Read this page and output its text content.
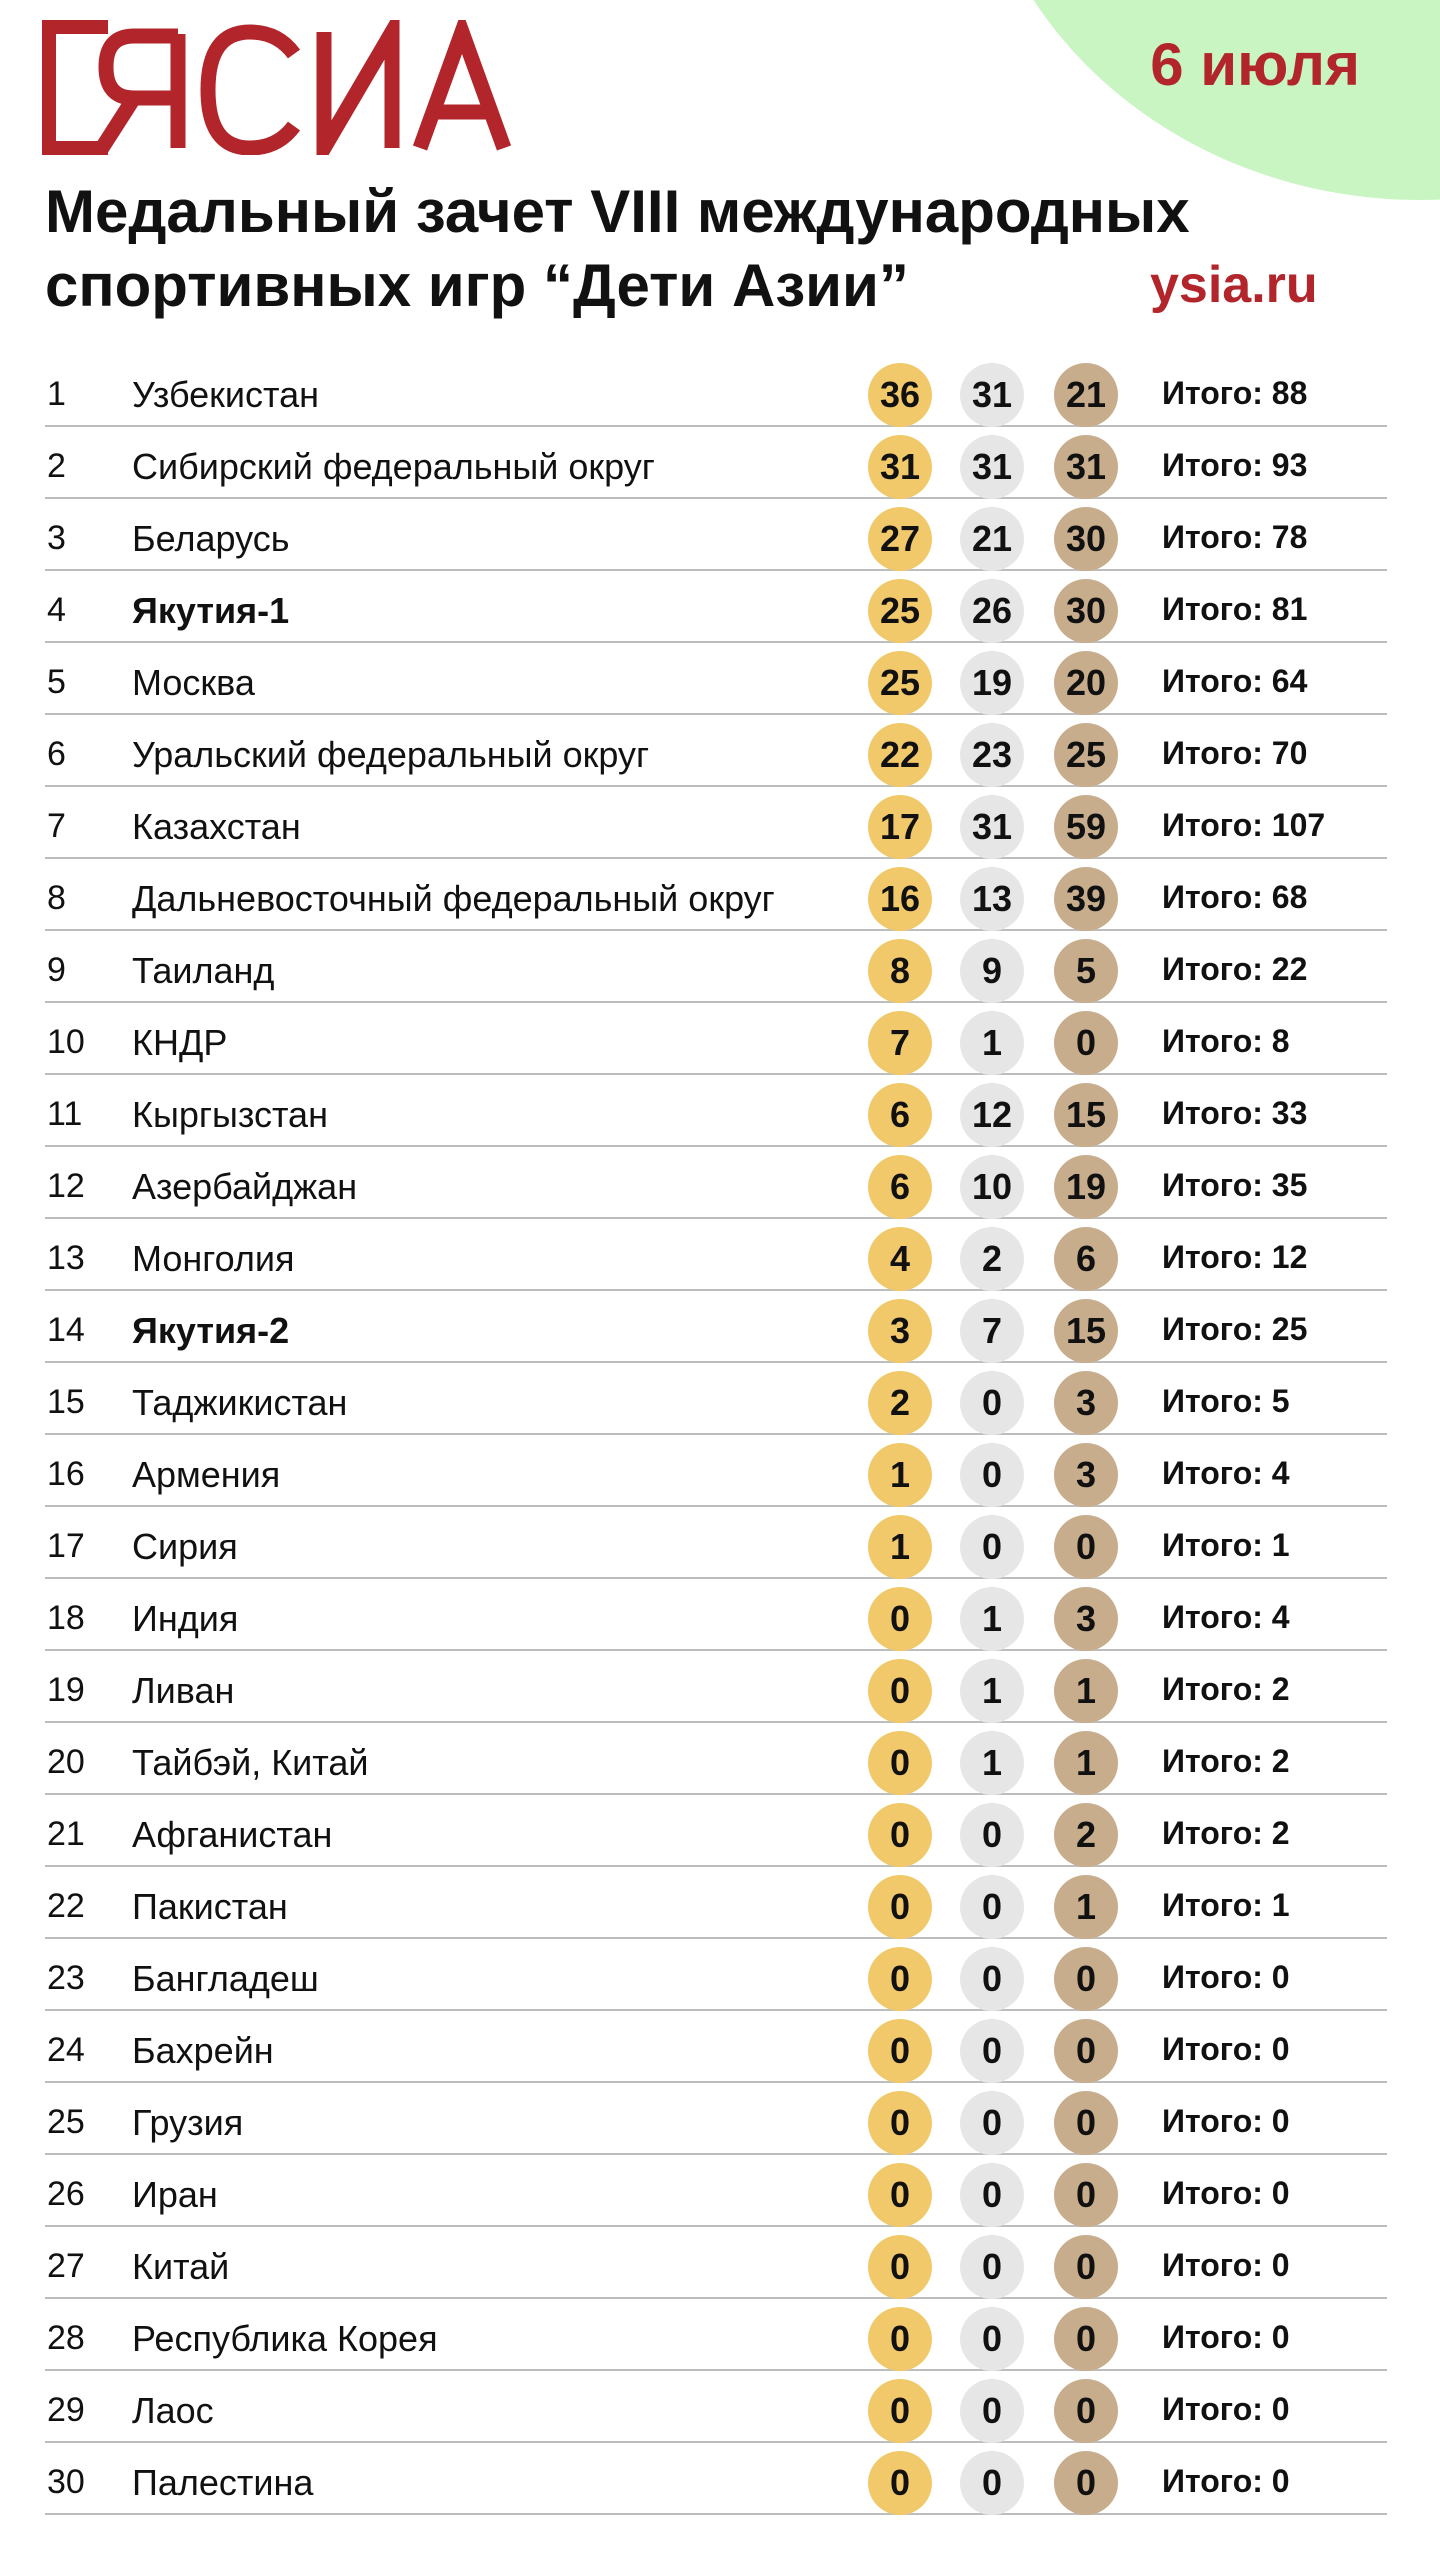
6 июля
Медальный зачет VIII международных
спортивных игр “Дети Азии”	ysia.ru
1 Узбекистан	36	31	21	Итого: 88
2 Сибирский федеральный округ	31	31	31	Итого: 93
3 Беларусь	27	21	30	Итого: 78
4 Якутия-1	25	26	30	Итого: 81
5 Москва	25	19	20	Итого: 64
6 Уральский федеральный округ	22	23	25	Итого: 70
7 Казахстан	17	31	59	Итого: 107
8 Дальневосточный федеральный округ	16	13	39	Итого: 68
9 Таиланд	8	9	5	Итого: 22
10 КНДР	7	1	0	Итого: 8
11 Кыргызстан	6	12	15	Итого: 33
12 Азербайджан	6	10	19	Итого: 35
13 Монголия	4	2	6	Итого: 12
14 Якутия-2	3	7	15	Итого: 25
15 Таджикистан	2	0	3	Итого: 5
16 Армения	1	0	3	Итого: 4
17 Сирия	1	0	0	Итого: 1
18 Индия	0	1	3	Итого: 4
19 Ливан	0	1	1	Итого: 2
20 Тайбэй, Китай	0	1	1	Итого: 2
21 Афганистан	0	0	2	Итого: 2
22 Пакистан	0	0	1	Итого: 1
23 Бангладеш	0	0	0	Итого: 0
24 Бахрейн	0	0	0	Итого: 0
25 Грузия	0	0	0	Итого: 0
26 Иран	0	0	0	Итого: 0
27 Китай	0	0	0	Итого: 0
28 Республика Корея	0	0	0	Итого: 0
29 Лаос	0	0	0	Итого: 0
30 Палестина	0	0	0	Итого: 0
